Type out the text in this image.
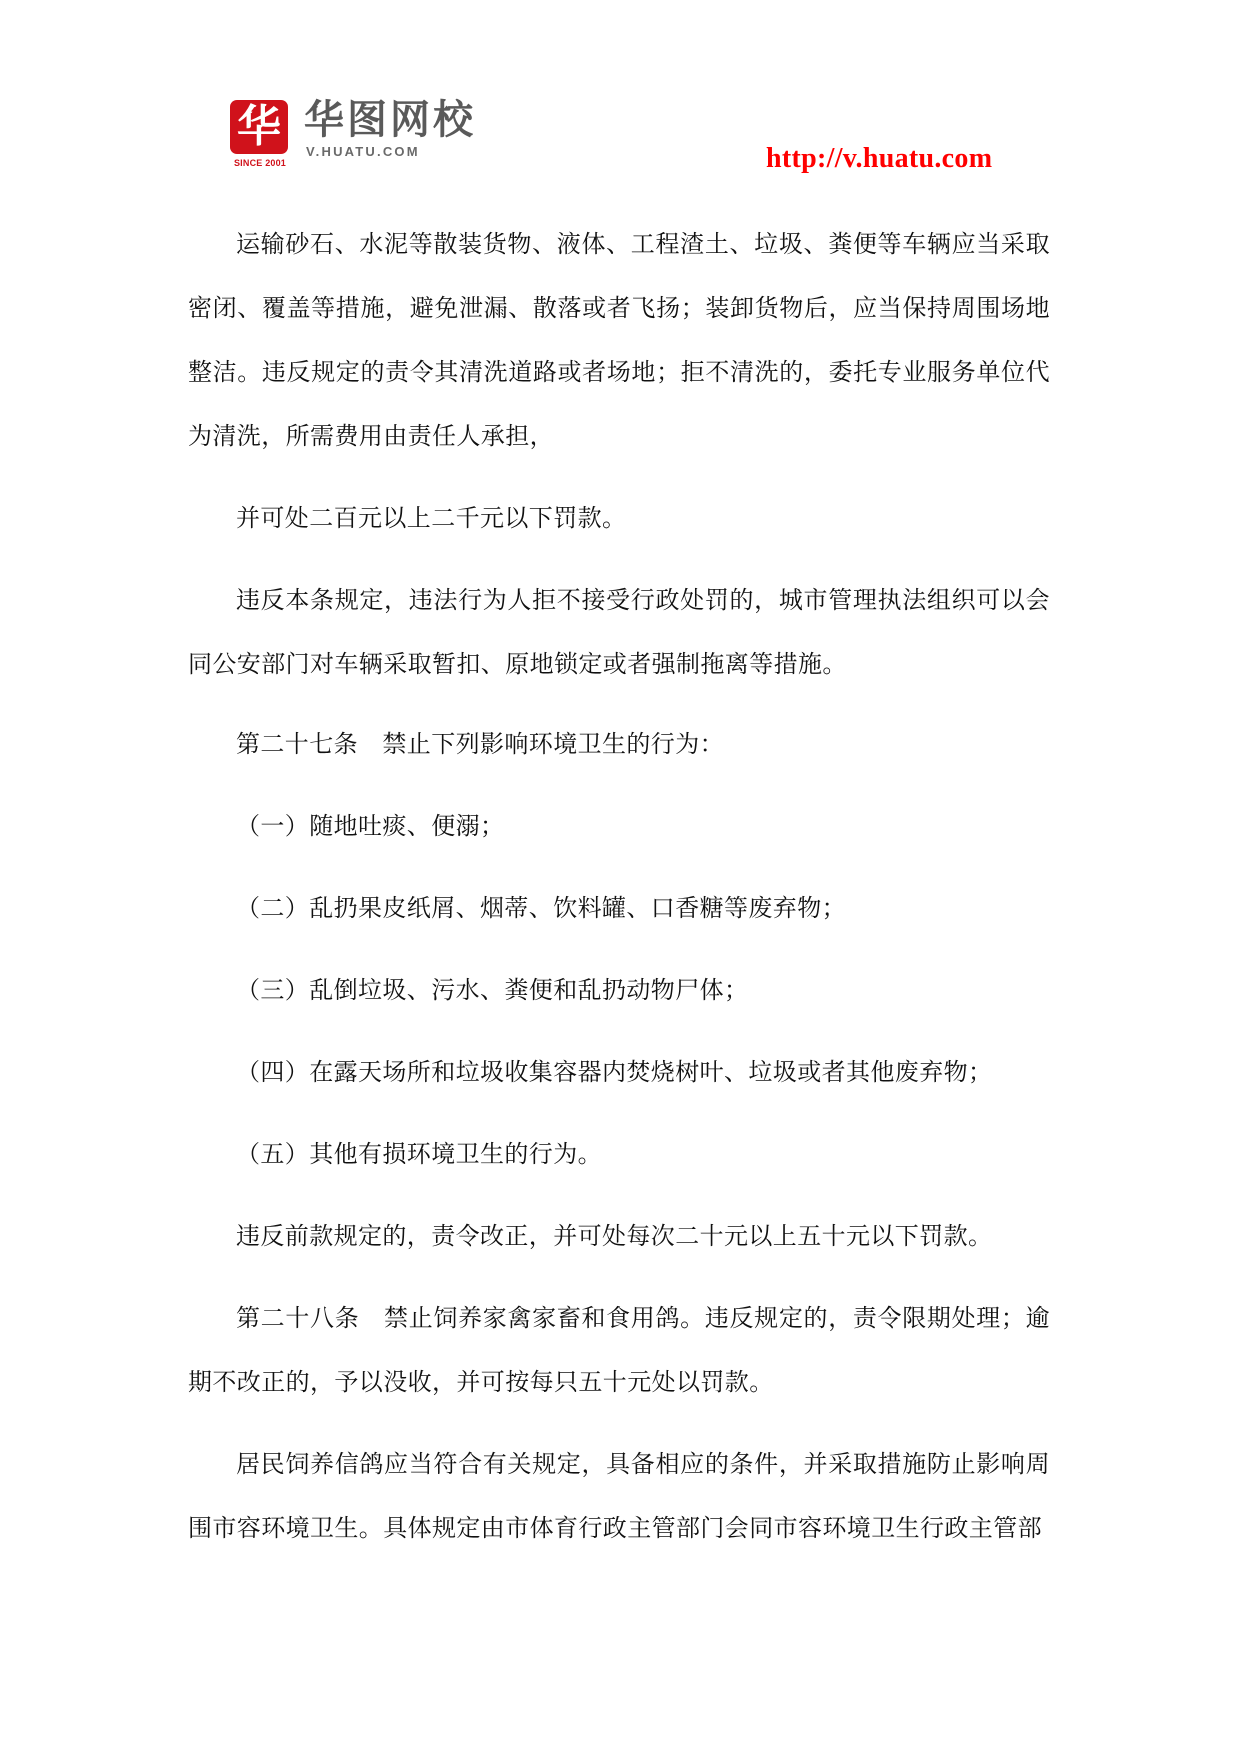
华
SINCE 2001
华图网校
V.HUATU.COM	http://v.huatu.com

运输砂石、水泥等散装货物、液体、工程渣土、垃圾、粪便等车辆应当采取密闭、覆盖等措施，避免泄漏、散落或者飞扬；装卸货物后，应当保持周围场地整洁。违反规定的责令其清洗道路或者场地；拒不清洗的，委托专业服务单位代为清洗，所需费用由责任人承担，

并可处二百元以上二千元以下罚款。

违反本条规定，违法行为人拒不接受行政处罚的，城市管理执法组织可以会同公安部门对车辆采取暂扣、原地锁定或者强制拖离等措施。

第二十七条　禁止下列影响环境卫生的行为：

（一）随地吐痰、便溺；

（二）乱扔果皮纸屑、烟蒂、饮料罐、口香糖等废弃物；

（三）乱倒垃圾、污水、粪便和乱扔动物尸体；

（四）在露天场所和垃圾收集容器内焚烧树叶、垃圾或者其他废弃物；

（五）其他有损环境卫生的行为。

违反前款规定的，责令改正，并可处每次二十元以上五十元以下罚款。

第二十八条　禁止饲养家禽家畜和食用鸽。违反规定的，责令限期处理；逾期不改正的，予以没收，并可按每只五十元处以罚款。

居民饲养信鸽应当符合有关规定，具备相应的条件，并采取措施防止影响周围市容环境卫生。具体规定由市体育行政主管部门会同市容环境卫生行政主管部
